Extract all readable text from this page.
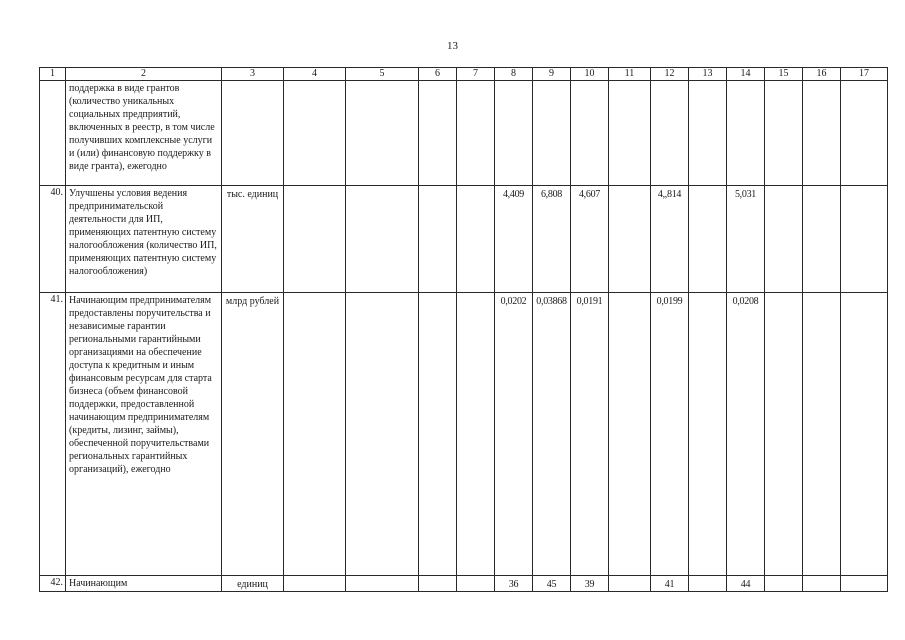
13
1	2	3	4	5	6	7	8	9	10	11	12	13	14	15	16	17
	поддержка в виде грантов (количество уникальных социальных предприятий, включенных в реестр, в том числе получивших комплексные услуги и (или) финансовую поддержку в виде гранта), ежегодно															
40.	Улучшены условия ведения предпринимательской деятельности для ИП, применяющих патентную систему налогообложения (количество ИП, применяющих патентную систему налогообложения)	тыс. единиц					4,409	6,808	4,607		4,,814		5,031			
41.	Начинающим предпринимателям предоставлены поручительства и независимые гарантии региональными гарантийными организациями на обеспечение доступа к кредитным и иным финансовым ресурсам для старта бизнеса (объем финансовой поддержки, предоставленной начинающим предпринимателям (кредиты, лизинг, займы), обеспеченной поручительствами региональных гарантийных организаций), ежегодно	млрд рублей					0,0202	0,03868	0,0191		0,0199		0,0208			
42.	Начинающим	единиц					36	45	39		41		44			
